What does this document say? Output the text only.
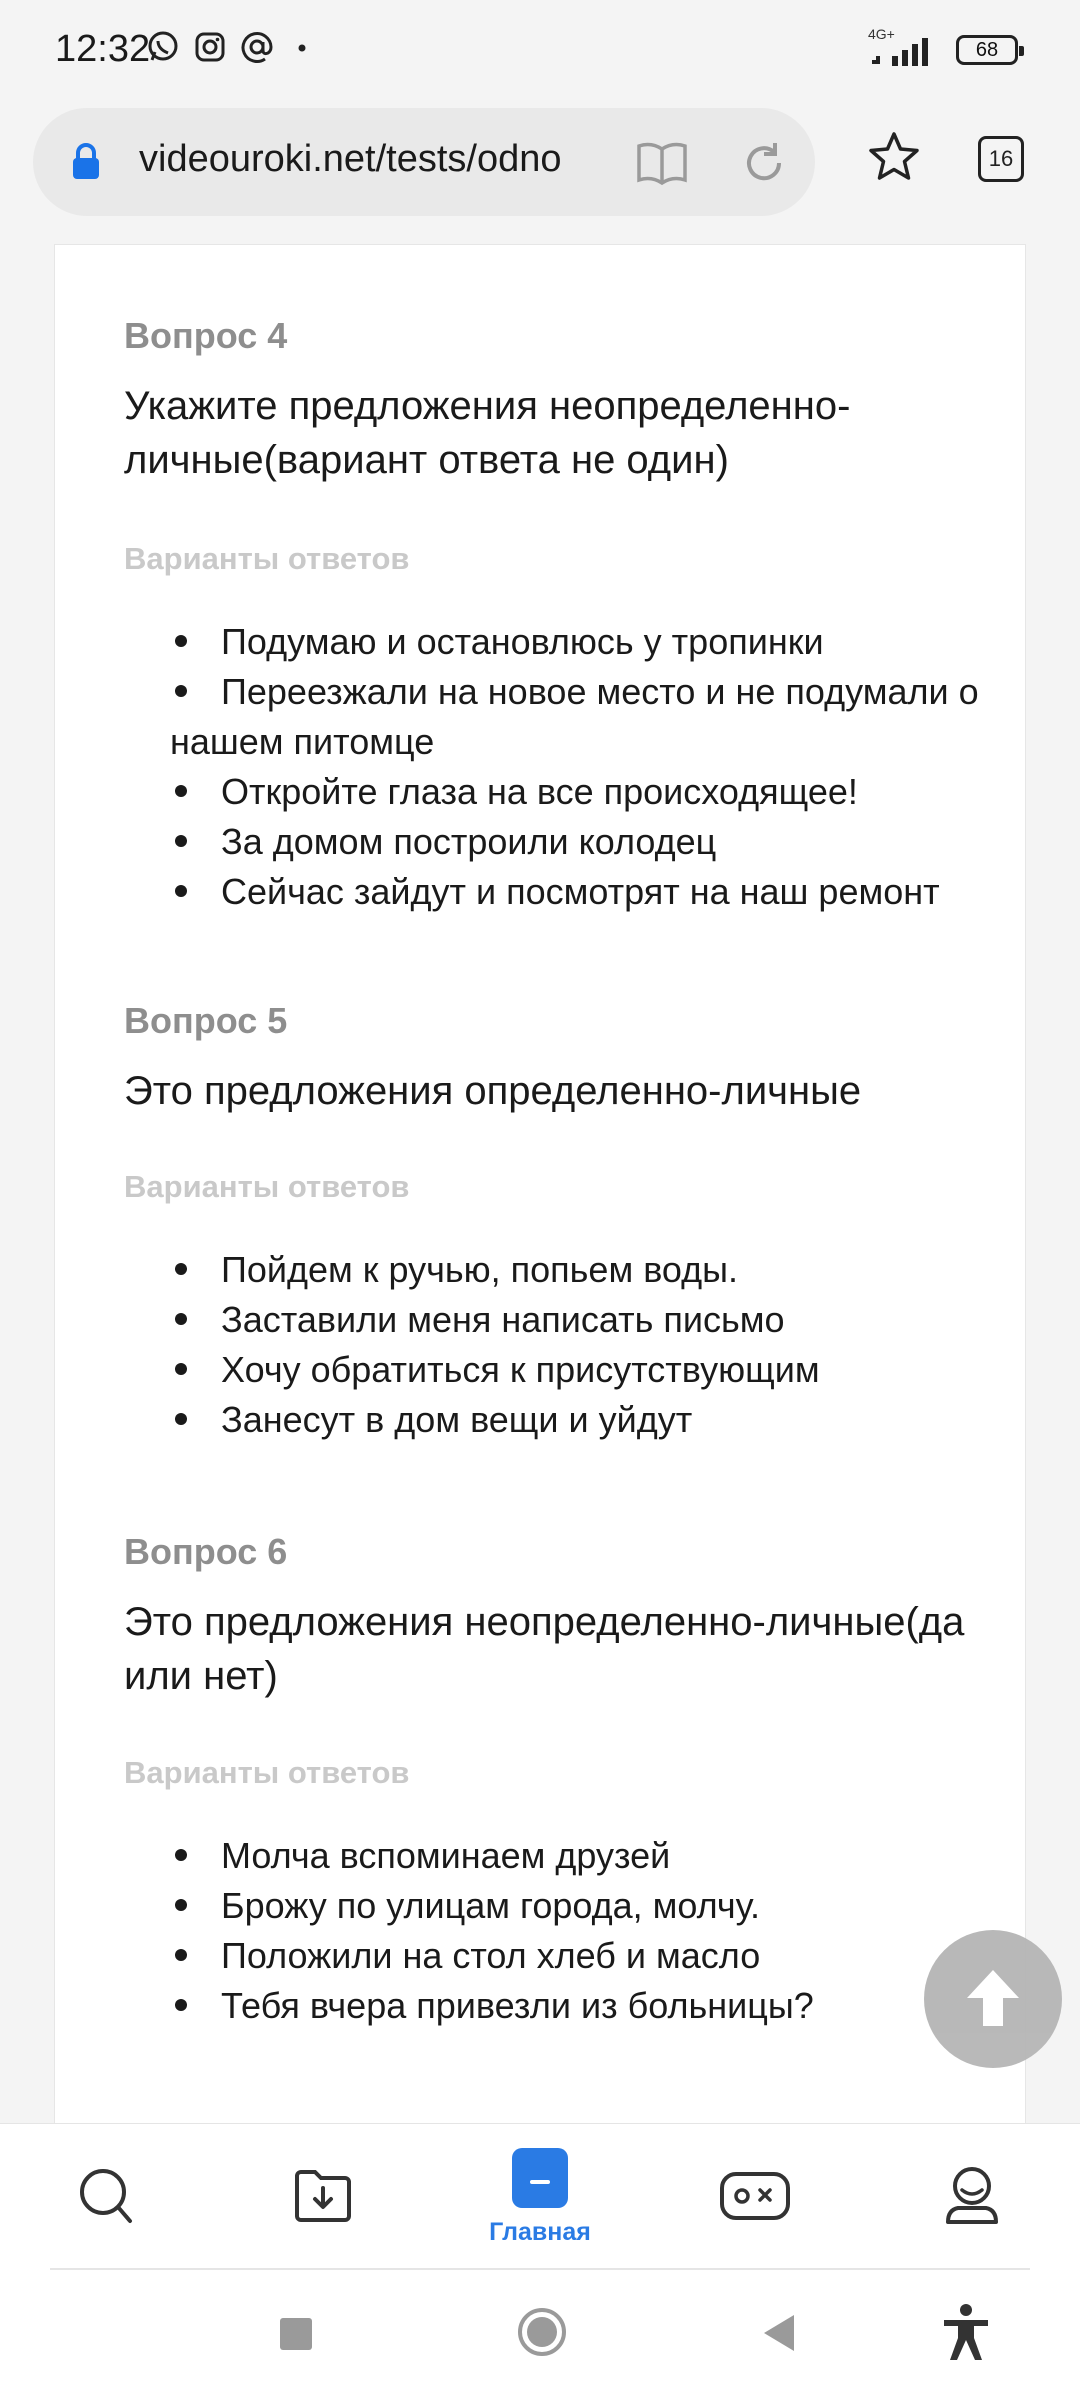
12:32	4G+
68
videouroki.net/tests/odno	16

Вопрос 4

Укажите предложения неопределенно-личные(вариант ответа не один)

Варианты ответов

Подумаю и остановлюсь у тропинки
Переезжали на новое место и не подумали о нашем питомце
Откройте глаза на все происходящее!
За домом построили колодец
Сейчас зайдут и посмотрят на наш ремонт

Вопрос 5

Это предложения определенно-личные

Варианты ответов

Пойдем к ручью, попьем воды.
Заставили меня написать письмо
Хочу обратиться к присутствующим
Занесут в дом вещи и уйдут

Вопрос 6

Это предложения неопределенно-личные(да или нет)

Варианты ответов

Молча вспоминаем друзей
Брожу по улицам города, молчу.
Положили на стол хлеб и масло
Тебя вчера привезли из больницы?
Главная
